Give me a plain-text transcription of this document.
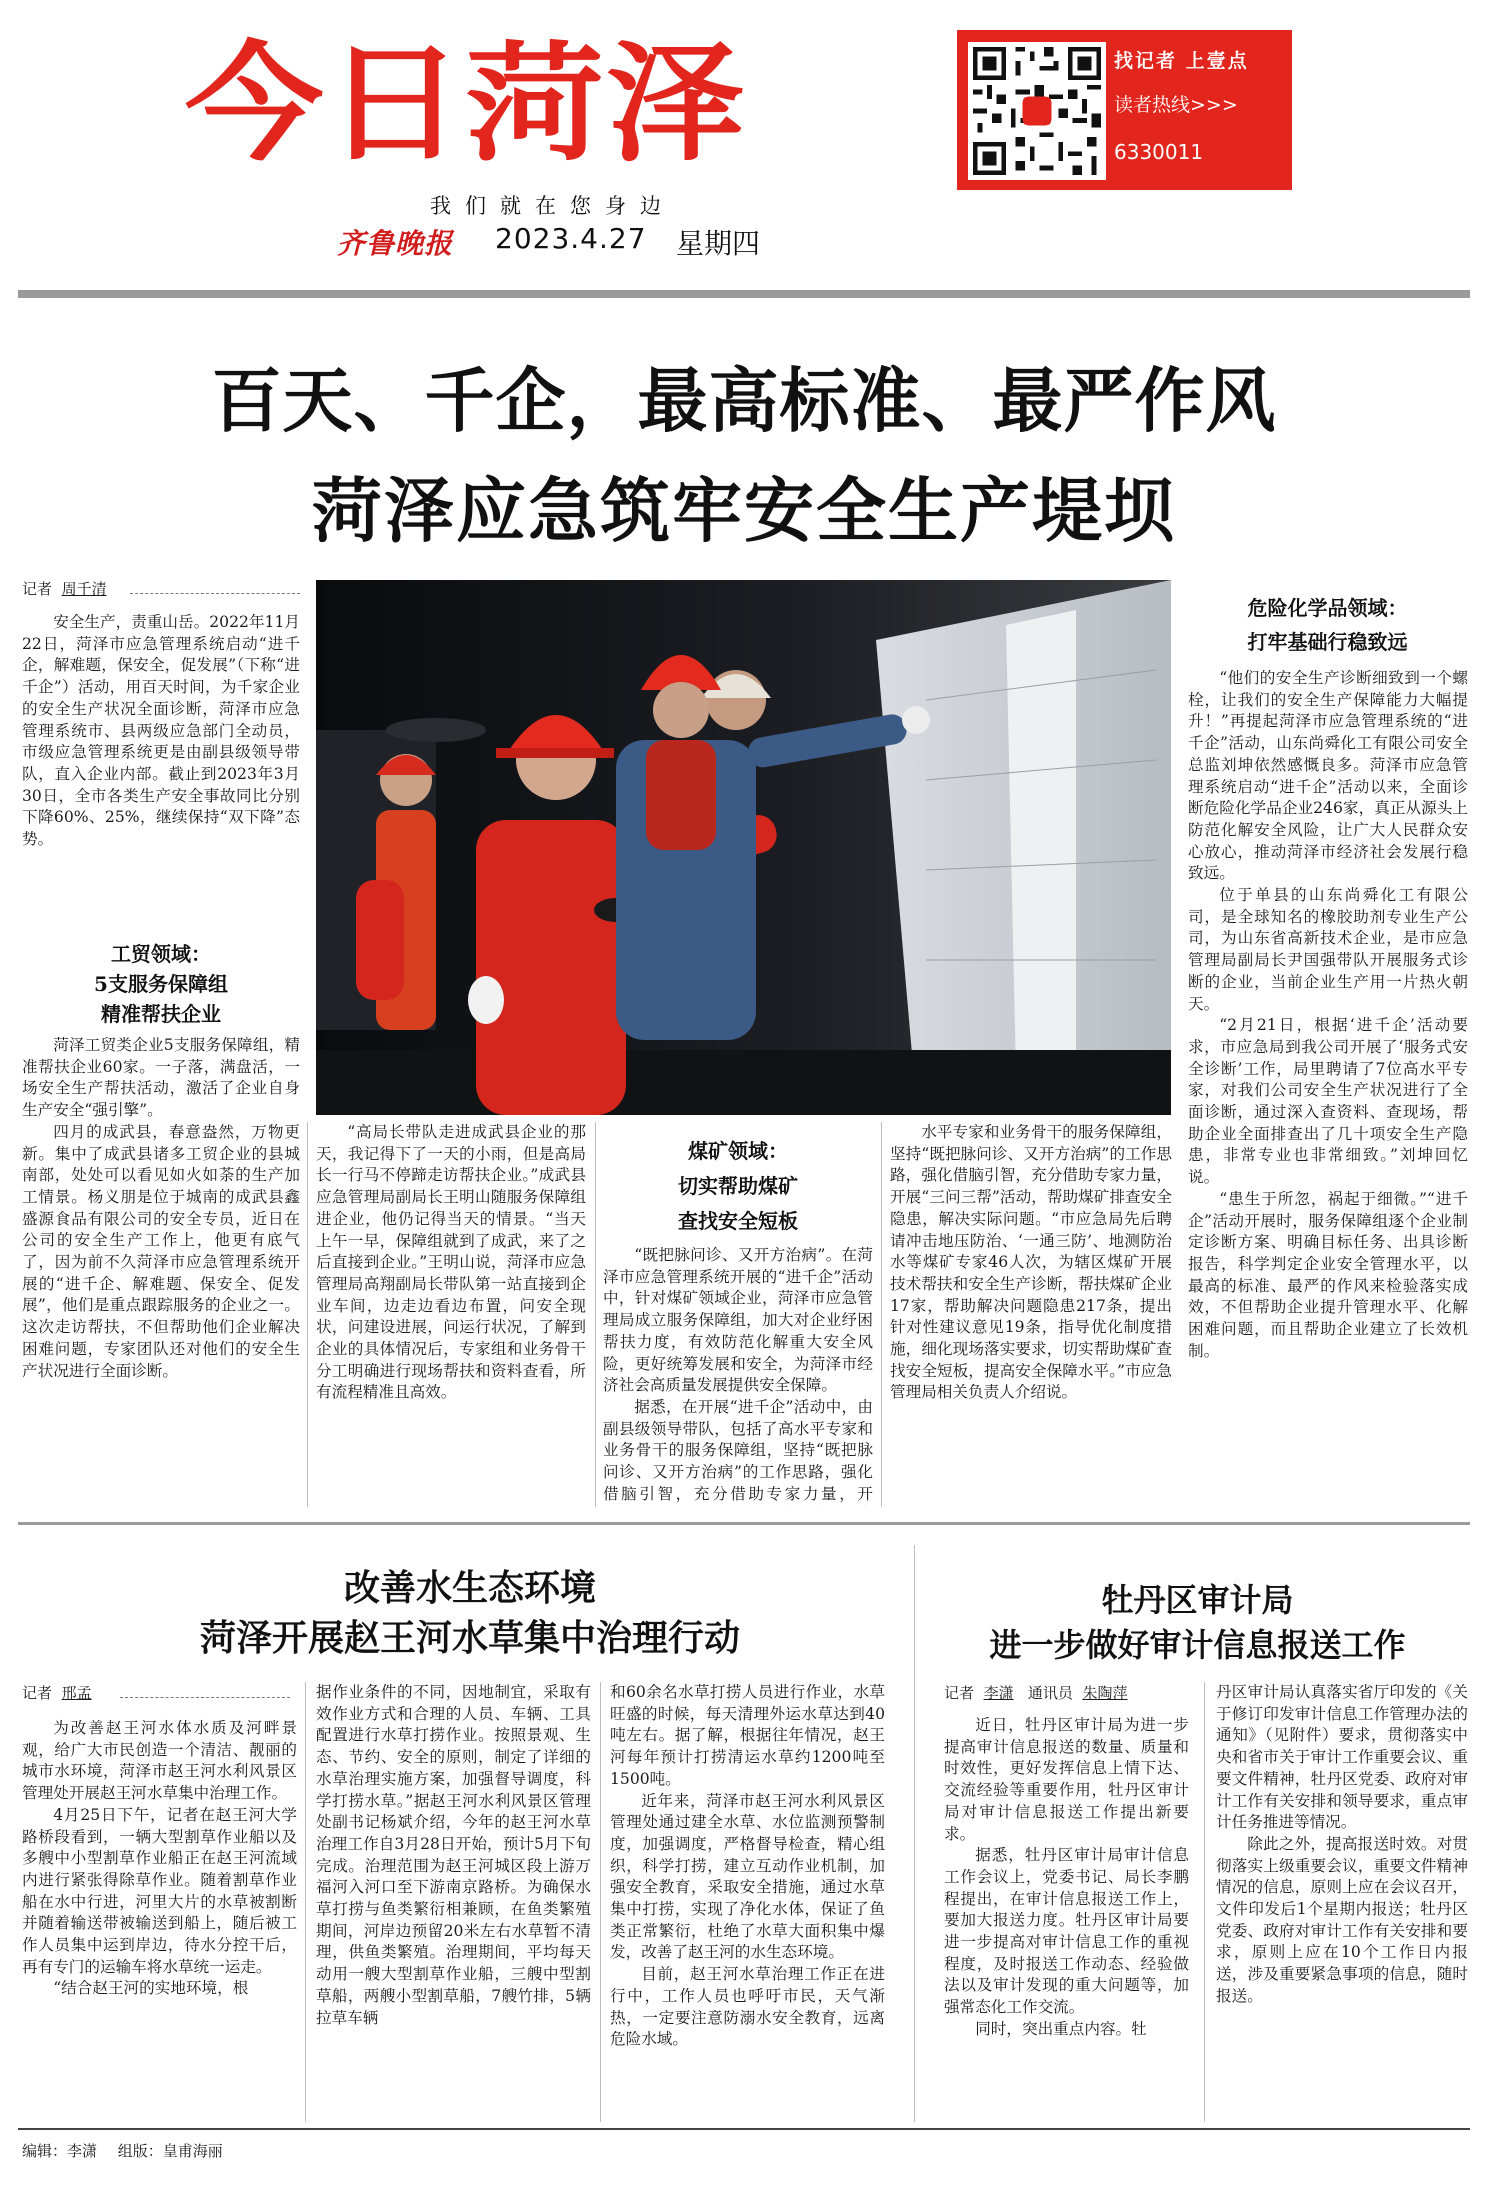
今日菏泽	找记者 上壹点
读者热线>>>
6330011
我们就在您身边
齐鲁晚报 2023.4.27 星期四
百天、千企，最高标准、最严作风
菏泽应急筑牢安全生产堤坝
记者 周千清
安全生产，责重山岳。2022年11月22日，菏泽市应急管理系统启动“进千企，解难题，保安全，促发展”（下称“进千企”）活动，用百天时间，为千家企业的安全生产状况全面诊断，菏泽市应急管理系统市、县两级应急部门全动员，市级应急管理系统更是由副县级领导带队，直入企业内部。截止到2023年3月30日，全市各类生产安全事故同比分别下降60%、25%，继续保持“双下降”态势。
工贸领域：
5支服务保障组
精准帮扶企业
菏泽工贸类企业5支服务保障组，精准帮扶企业60家。一子落，满盘活，一场安全生产帮扶活动，激活了企业自身生产安全“强引擎”。
四月的成武县，春意盎然，万物更新。集中了成武县诸多工贸企业的县城南部，处处可以看见如火如荼的生产加工情景。杨义朋是位于城南的成武县鑫盛源食品有限公司的安全专员，近日在公司的安全生产工作上，他更有底气了，因为前不久菏泽市应急管理系统开展的“进千企、解难题、保安全、促发展”，他们是重点跟踪服务的企业之一。这次走访帮扶，不但帮助他们企业解决困难问题，专家团队还对他们的安全生产状况进行全面诊断。
“高局长带队走进成武县企业的那天，我记得下了一天的小雨，但是高局长一行马不停蹄走访帮扶企业。”成武县应急管理局副局长王明山随服务保障组进企业，他仍记得当天的情景。“当天上午一早，保障组就到了成武，来了之后直接到企业。”王明山说，菏泽市应急管理局高翔副局长带队第一站直接到企业车间，边走边看边布置，问安全现状，问建设进展，问运行状况，了解到企业的具体情况后，专家组和业务骨干分工明确进行现场帮扶和资料查看，所有流程精准且高效。
煤矿领域：
切实帮助煤矿
查找安全短板
“既把脉问诊、又开方治病”。在菏泽市应急管理系统开展的“进千企”活动中，针对煤矿领域企业，菏泽市应急管理局成立服务保障组，加大对企业纾困帮扶力度，有效防范化解重大安全风险，更好统筹发展和安全，为菏泽市经济社会高质量发展提供安全保障。
据悉，在开展“进千企”活动中，由副县级领导带队，包括了高水平专家和业务骨干的服务保障组，坚持“既把脉问诊、又开方治病”的工作思路，强化借脑引智，充分借助专家力量，开
水平专家和业务骨干的服务保障组，坚持“既把脉问诊、又开方治病”的工作思路，强化借脑引智，充分借助专家力量，开展“三问三帮”活动，帮助煤矿排查安全隐患，解决实际问题。“市应急局先后聘请冲击地压防治、‘一通三防’、地测防治水等煤矿专家46人次，为辖区煤矿开展技术帮扶和安全生产诊断，帮扶煤矿企业17家，帮助解决问题隐患217条，提出针对性建议意见19条，指导优化制度措施，细化现场落实要求，切实帮助煤矿查找安全短板，提高安全保障水平。”市应急管理局相关负责人介绍说。
危险化学品领域：
打牢基础行稳致远
“他们的安全生产诊断细致到一个螺栓，让我们的安全生产保障能力大幅提升！”再提起菏泽市应急管理系统的“进千企”活动，山东尚舜化工有限公司安全总监刘坤依然感慨良多。菏泽市应急管理系统启动“进千企”活动以来，全面诊断危险化学品企业246家，真正从源头上防范化解安全风险，让广大人民群众安心放心，推动菏泽市经济社会发展行稳致远。
位于单县的山东尚舜化工有限公司，是全球知名的橡胶助剂专业生产公司，为山东省高新技术企业，是市应急管理局副局长尹国强带队开展服务式诊断的企业，当前企业生产用一片热火朝天。
“2月21日，根据‘进千企’活动要求，市应急局到我公司开展了‘服务式安全诊断’工作，局里聘请了7位高水平专家，对我们公司安全生产状况进行了全面诊断，通过深入查资料、查现场，帮助企业全面排查出了几十项安全生产隐患，非常专业也非常细致。”刘坤回忆说。
“患生于所忽，祸起于细微。”“进千企”活动开展时，服务保障组逐个企业制定诊断方案、明确目标任务、出具诊断报告，科学判定企业安全管理水平，以最高的标准、最严的作风来检验落实成效，不但帮助企业提升管理水平、化解困难问题，而且帮助企业建立了长效机制。
改善水生态环境
菏泽开展赵王河水草集中治理行动
记者 邢孟
为改善赵王河水体水质及河畔景观，给广大市民创造一个清洁、靓丽的城市水环境，菏泽市赵王河水利风景区管理处开展赵王河水草集中治理工作。
4月25日下午，记者在赵王河大学路桥段看到，一辆大型割草作业船以及多艘中小型割草作业船正在赵王河流域内进行紧张得除草作业。随着割草作业船在水中行进，河里大片的水草被割断并随着输送带被输送到船上，随后被工作人员集中运到岸边，待水分控干后，再有专门的运输车将水草统一运走。
“结合赵王河的实地环境，根
据作业条件的不同，因地制宜，采取有效作业方式和合理的人员、车辆、工具配置进行水草打捞作业。按照景观、生态、节约、安全的原则，制定了详细的水草治理实施方案，加强督导调度，科学打捞水草。”据赵王河水利风景区管理处副书记杨斌介绍，今年的赵王河水草治理工作自3月28日开始，预计5月下旬完成。治理范围为赵王河城区段上游万福河入河口至下游南京路桥。为确保水草打捞与鱼类繁衍相兼顾，在鱼类繁殖期间，河岸边预留20米左右水草暂不清理，供鱼类繁殖。治理期间，平均每天动用一艘大型割草作业船，三艘中型割草船，两艘小型割草船，7艘竹排，5辆拉草车辆
和60余名水草打捞人员进行作业，水草旺盛的时候，每天清理外运水草达到40吨左右。据了解，根据往年情况，赵王河每年预计打捞清运水草约1200吨至1500吨。
近年来，菏泽市赵王河水利风景区管理处通过建全水草、水位监测预警制度，加强调度，严格督导检查，精心组织，科学打捞，建立互动作业机制，加强安全教育，采取安全措施，通过水草集中打捞，实现了净化水体，保证了鱼类正常繁衍，杜绝了水草大面积集中爆发，改善了赵王河的水生态环境。
目前，赵王河水草治理工作正在进行中，工作人员也呼吁市民，天气渐热，一定要注意防溺水安全教育，远离危险水域。
牡丹区审计局
进一步做好审计信息报送工作
记者 李潇 通讯员 朱陶萍
近日，牡丹区审计局为进一步提高审计信息报送的数量、质量和时效性，更好发挥信息上情下达、交流经验等重要作用，牡丹区审计局对审计信息报送工作提出新要求。
据悉，牡丹区审计局审计信息工作会议上，党委书记、局长李鹏程提出，在审计信息报送工作上，要加大报送力度。牡丹区审计局要进一步提高对审计信息工作的重视程度，及时报送工作动态、经验做法以及审计发现的重大问题等，加强常态化工作交流。
同时，突出重点内容。牡
丹区审计局认真落实省厅印发的《关于修订印发审计信息工作管理办法的通知》（见附件）要求，贯彻落实中央和省市关于审计工作重要会议、重要文件精神，牡丹区党委、政府对审计工作有关安排和领导要求，重点审计任务推进等情况。
除此之外，提高报送时效。对贯彻落实上级重要会议，重要文件精神情况的信息，原则上应在会议召开，文件印发后1个星期内报送；牡丹区党委、政府对审计工作有关安排和要求，原则上应在10个工作日内报送，涉及重要紧急事项的信息，随时报送。
编辑：李潇 组版：皇甫海丽
